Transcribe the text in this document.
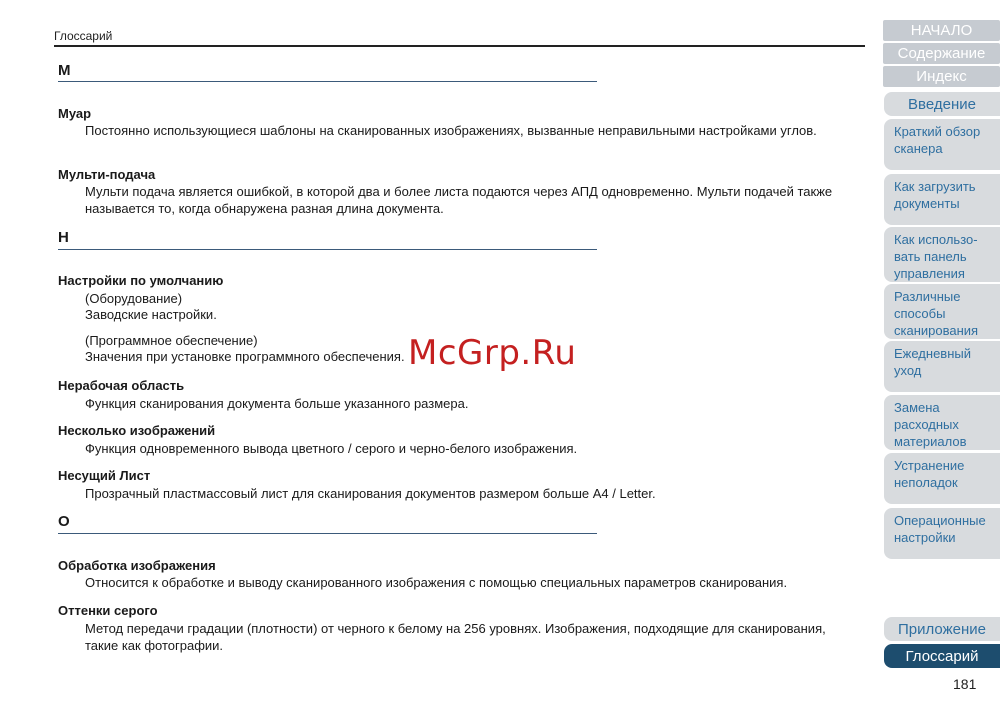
Глоссарий
М
Муар
Постоянно использующиеся шаблоны на сканированных изображениях, вызванные неправильными настройками углов.
Мульти-подача
Мульти подача является ошибкой, в которой два и более листа подаются через АПД одновременно. Мульти подачей также называется то, когда обнаружена разная длина документа.
Н
Настройки по умолчанию
(Оборудование)
Заводские настройки.
(Программное обеспечение)
Значения при установке программного обеспечения.
Нерабочая область
Функция сканирования документа больше указанного размера.
Несколько изображений
Функция одновременного вывода цветного / серого и черно-белого изображения.
Несущий Лист
Прозрачный пластмассовый лист для сканирования документов размером больше A4 / Letter.
О
Обработка изображения
Относится к обработке и выводу сканированного изображения с помощью специальных параметров сканирования.
Оттенки серого
Метод передачи градации (плотности) от черного к белому на 256 уровнях. Изображения, подходящие для сканирования, такие как фотографии.
McGrp.Ru
НАЧАЛО
Содержание
Индекс
Введение
Краткий обзор сканера
Как загрузить документы
Как использо-вать панель управления
Различные способы сканирования
Ежедневный уход
Замена расходных материалов
Устранение неполадок
Операционные настройки
Приложение
Глоссарий
181
